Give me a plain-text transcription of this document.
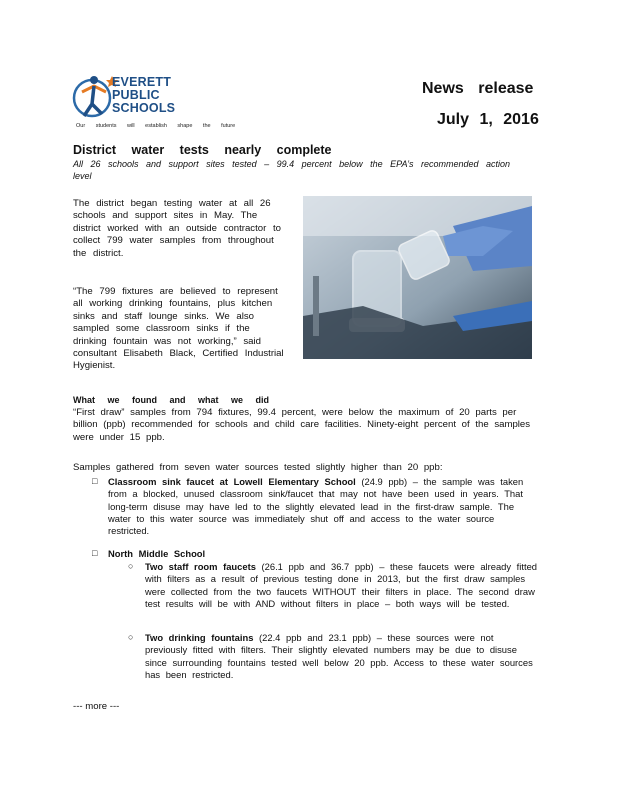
EVERETT
PUBLIC
SCHOOLS
Our students will establish shape the future
News release
July 1, 2016
District water tests nearly complete
All 26 schools and support sites tested – 99.4 percent below the EPA’s recommended action level
The district began testing water at all 26 schools and support sites in May. The district worked with an outside contractor to collect 799 water samples from throughout the district.
“The 799 fixtures are believed to represent all working drinking fountains, plus kitchen sinks and staff lounge sinks. We also sampled some classroom sinks if the drinking fountain was not working,” said consultant Elisabeth Black, Certified Industrial Hygienist.
What we found and what we did
“First draw” samples from 794 fixtures, 99.4 percent, were below the maximum of 20 parts per billion (ppb) recommended for schools and child care facilities. Ninety-eight percent of the samples were under 15 ppb.
Samples gathered from seven water sources tested slightly higher than 20 ppb:
□ Classroom sink faucet at Lowell Elementary School (24.9 ppb) – the sample was taken from a blocked, unused classroom sink/faucet that may not have been used in years. That long-term disuse may have led to the slightly elevated lead in the first-draw sample. The water to this water source was immediately shut off and access to the water source restricted.
□ North Middle School
○ Two staff room faucets (26.1 ppb and 36.7 ppb) – these faucets were already fitted with filters as a result of previous testing done in 2013, but the first draw samples were collected from the two faucets WITHOUT their filters in place. The second draw test results will be with AND without filters in place – both ways will be tested.
○ Two drinking fountains (22.4 ppb and 23.1 ppb) – these sources were not previously fitted with filters. Their slightly elevated numbers may be due to disuse since surrounding fountains tested well below 20 ppb. Access to these water sources has been restricted.
--- more ---
